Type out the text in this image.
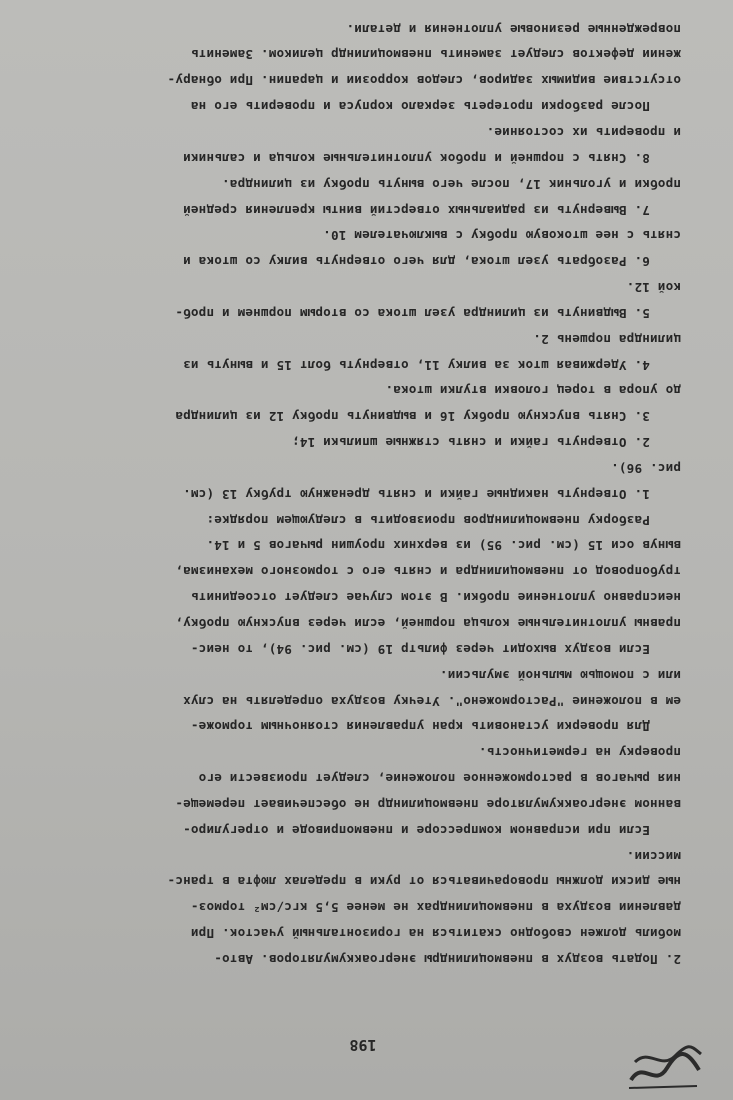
198
2. Подать воздух в пневмоцилиндры энергоаккумуляторов. Авто-
мобиль должен свободно скатиться на горизонтальный участок. При
давлении воздуха в пневмоцилиндрах не менее 5,5 кгс/см² тормоз-
ные диски должны проворачиваться от руки в пределах люфта в транс-
миссии.
Если при исправном компрессоре и пневмоприводе и отрегулиро-
ванном энергоаккумуляторе пневмоцилиндр не обеспечивает перемеще-
ния рычагов в расторможенное положение, следует произвести его
проверку на герметичность.
Для проверки установить кран управления стояночным торможе-
ем в положение "Расторможено". Утечку воздуха определять на слух
или с помощью мыльной эмульсии.
Если воздух выходит через фильтр 19 (см. рис. 94), то неис-
правны уплотнительные кольца поршней, если через впускную пробку,
неисправно уплотнение пробки. В этом случае следует отсоединить
трубопровод от пневмоцилиндра и снять его с тормозного механизма,
вынув оси 15 (см. рис. 95) из верхних проушин рычагов 5 и 14.
Разборку пневмоцилиндров производить в следующем порядке:
1. Отвернуть накидные гайки и снять дренажную трубку 13 (см.
рис. 96).
2. Отвернуть гайки и снять стяжные шпильки 14;
3. Снять впускную пробку 16 и выдвинуть пробку 12 из цилиндра
до упора в торец головки втулки штока.
4. Удерживая шток за вилку 11, отвернуть болт 15 и вынуть из
цилиндра поршень 2.
5. Выдвинуть из цилиндра узел штока со вторым поршнем и проб-
кой 12.
6. Разобрать узел штока, для чего отвернуть вилку со штока и
снять с нее штоковую пробку с выключателем 10.
7. Вывернуть из радиальных отверстий винты крепления средней
пробки и угольник 17, после чего вынуть пробку из цилиндра.
8. Снять с поршней и пробок уплотнительные кольца и сальники
и проверить их состояние.
После разборки протереть зеркало корпуса и проверить его на
отсутствие видимых задиров, следов коррозии и царапин. При обнару-
жении дефектов следует заменить пневмоцилиндр целиком. Заменить
поврежденные резиновые уплотнения и детали.
